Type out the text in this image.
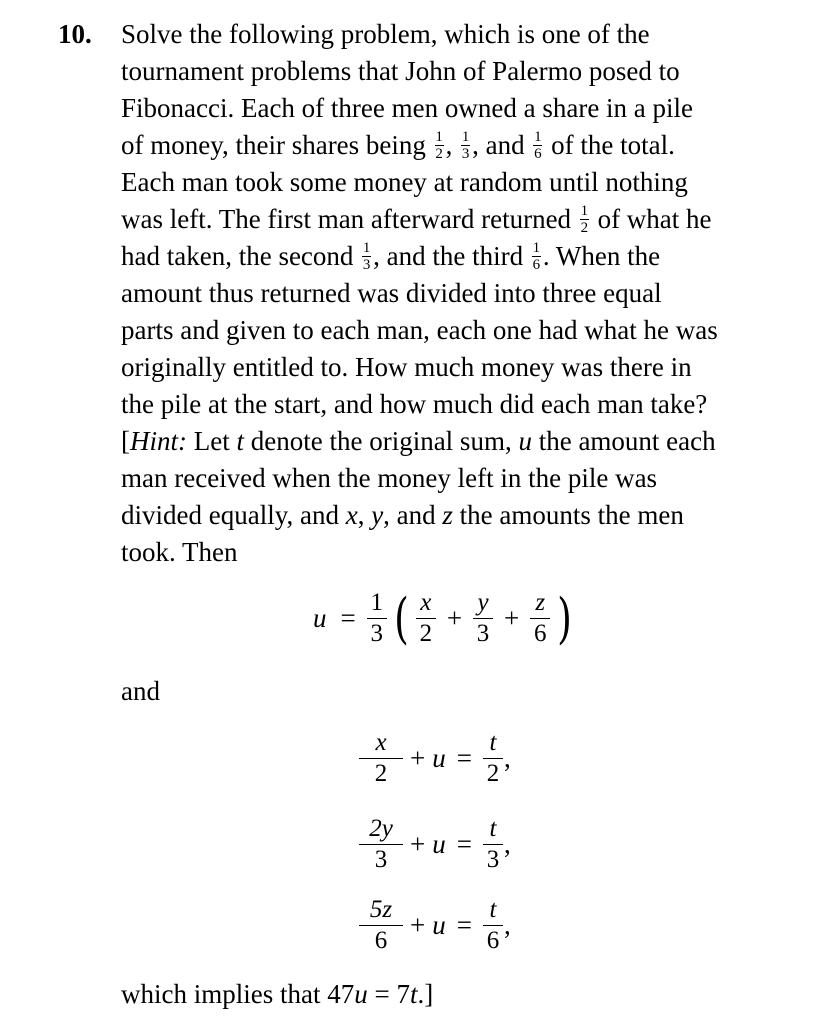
10. Solve the following problem, which is one of the
tournament problems that John of Palermo posed to
Fibonacci. Each of three men owned a share in a pile
of money, their shares being $\frac{1}{2}$ , $\frac{1}{3}$ , and $\frac{1}{6}$ of the total.
Each man took some money at random until nothing
was left. The first man afterward returned $\frac{1}{2}$ of what he
had taken, the second $\frac{1}{3}$ , and the third $\frac{1}{6}$ . When the
amount thus returned was divided into three equal
parts and given to each man, each one had what he was
originally entitled to. How much money was there in
the pile at the start, and how much did each man take?
[Hint: Let t denote the original sum, u the amount each
man received when the money left in the pile was
divided equally, and x, y, and z the amounts the men
took. Then
$u = \frac{1}{3}$ ( $\frac{x}{2} + \frac{y}{3} + \frac{z}{6}$ )
and
$\frac{x}{2} + u = \frac{t}{2}$ ,
$\frac{2y}{3} + u = \frac{t}{3}$ ,
$\frac{5z}{6} + u = \frac{t}{6}$ ,
which implies that 47u = 7t.]
